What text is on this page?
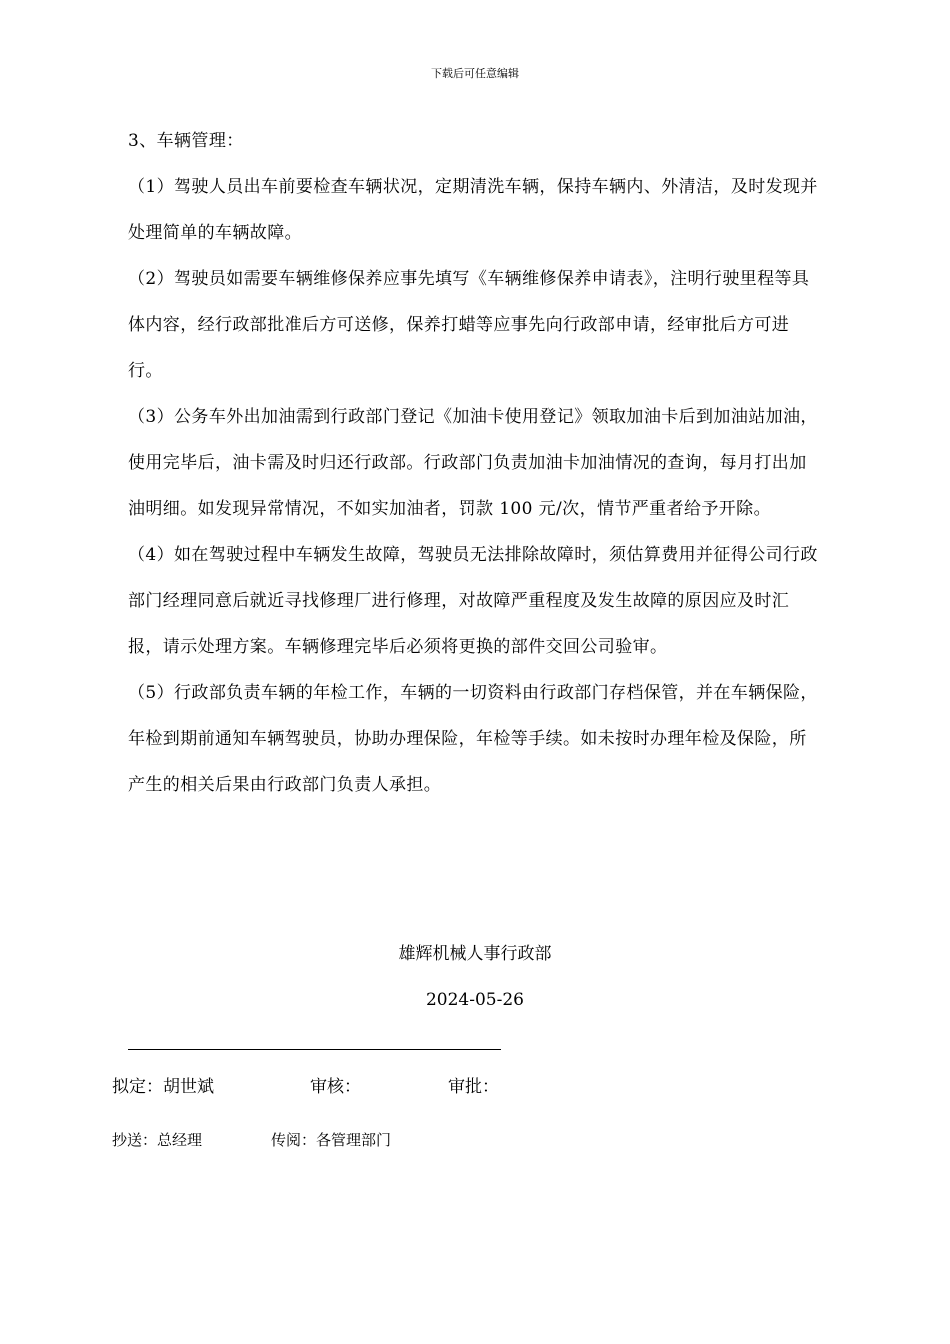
下载后可任意编辑

3、车辆管理：

（1）驾驶人员出车前要检查车辆状况，定期清洗车辆，保持车辆内、外清洁，及时发现并处理简单的车辆故障。

（2）驾驶员如需要车辆维修保养应事先填写《车辆维修保养申请表》，注明行驶里程等具体内容，经行政部批准后方可送修，保养打蜡等应事先向行政部申请，经审批后方可进行。

（3）公务车外出加油需到行政部门登记《加油卡使用登记》领取加油卡后到加油站加油，使用完毕后，油卡需及时归还行政部。行政部门负责加油卡加油情况的查询，每月打出加油明细。如发现异常情况，不如实加油者，罚款 100 元/次，情节严重者给予开除。

（4）如在驾驶过程中车辆发生故障，驾驶员无法排除故障时，须估算费用并征得公司行政部门经理同意后就近寻找修理厂进行修理，对故障严重程度及发生故障的原因应及时汇报，请示处理方案。车辆修理完毕后必须将更换的部件交回公司验审。

（5）行政部负责车辆的年检工作，车辆的一切资料由行政部门存档保管，并在车辆保险，年检到期前通知车辆驾驶员，协助办理保险，年检等手续。如未按时办理年检及保险，所产生的相关后果由行政部门负责人承担。

雄辉机械人事行政部
2024-05-26
拟定：胡世斌	审核：	审批：
抄送：总经理	传阅：各管理部门
